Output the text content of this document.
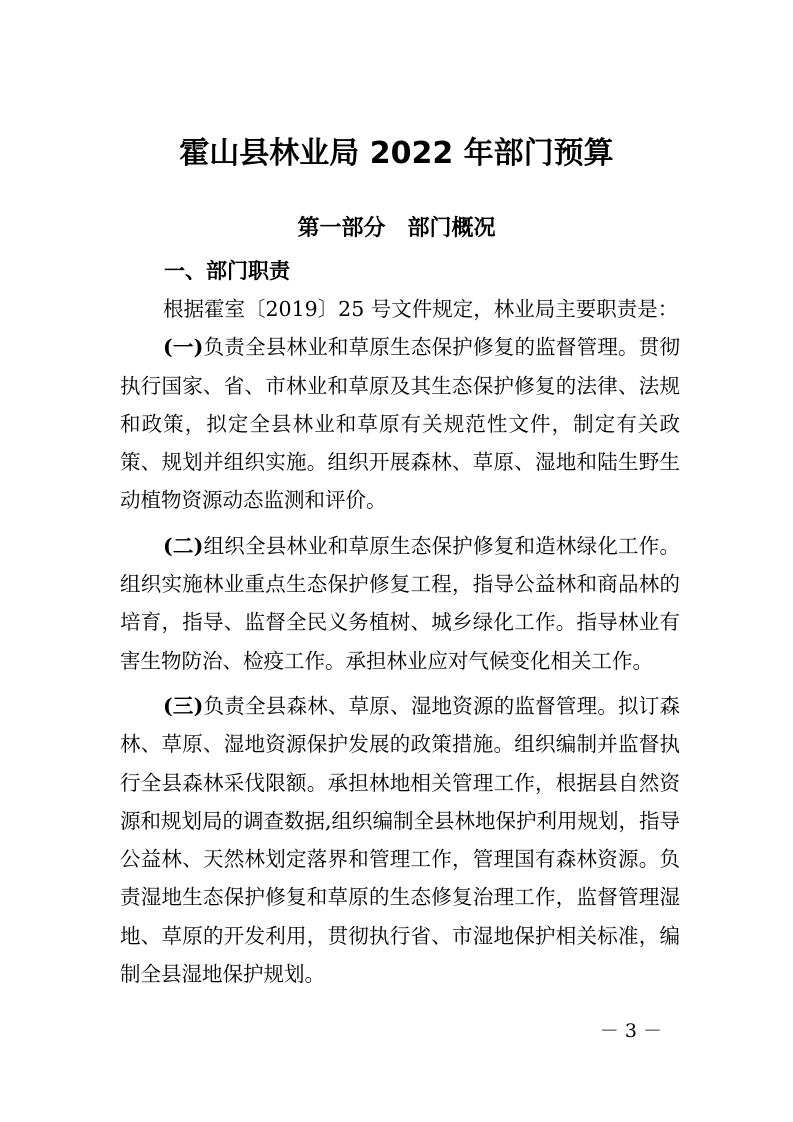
霍山县林业局 2022 年部门预算
第一部分 部门概况
一、部门职责

根据霍室〔2019〕25 号文件规定，林业局主要职责是：

(一)负责全县林业和草原生态保护修复的监督管理。贯彻执行国家、省、市林业和草原及其生态保护修复的法律、法规和政策，拟定全县林业和草原有关规范性文件，制定有关政策、规划并组织实施。组织开展森林、草原、湿地和陆生野生动植物资源动态监测和评价。

(二)组织全县林业和草原生态保护修复和造林绿化工作。组织实施林业重点生态保护修复工程，指导公益林和商品林的培育，指导、监督全民义务植树、城乡绿化工作。指导林业有害生物防治、检疫工作。承担林业应对气候变化相关工作。

(三)负责全县森林、草原、湿地资源的监督管理。拟订森林、草原、湿地资源保护发展的政策措施。组织编制并监督执行全县森林采伐限额。承担林地相关管理工作，根据县自然资源和规划局的调查数据,组织编制全县林地保护利用规划，指导公益林、天然林划定落界和管理工作，管理国有森林资源。负责湿地生态保护修复和草原的生态修复治理工作，监督管理湿地、草原的开发利用，贯彻执行省、市湿地保护相关标准，编制全县湿地保护规划。

－ 3 －
